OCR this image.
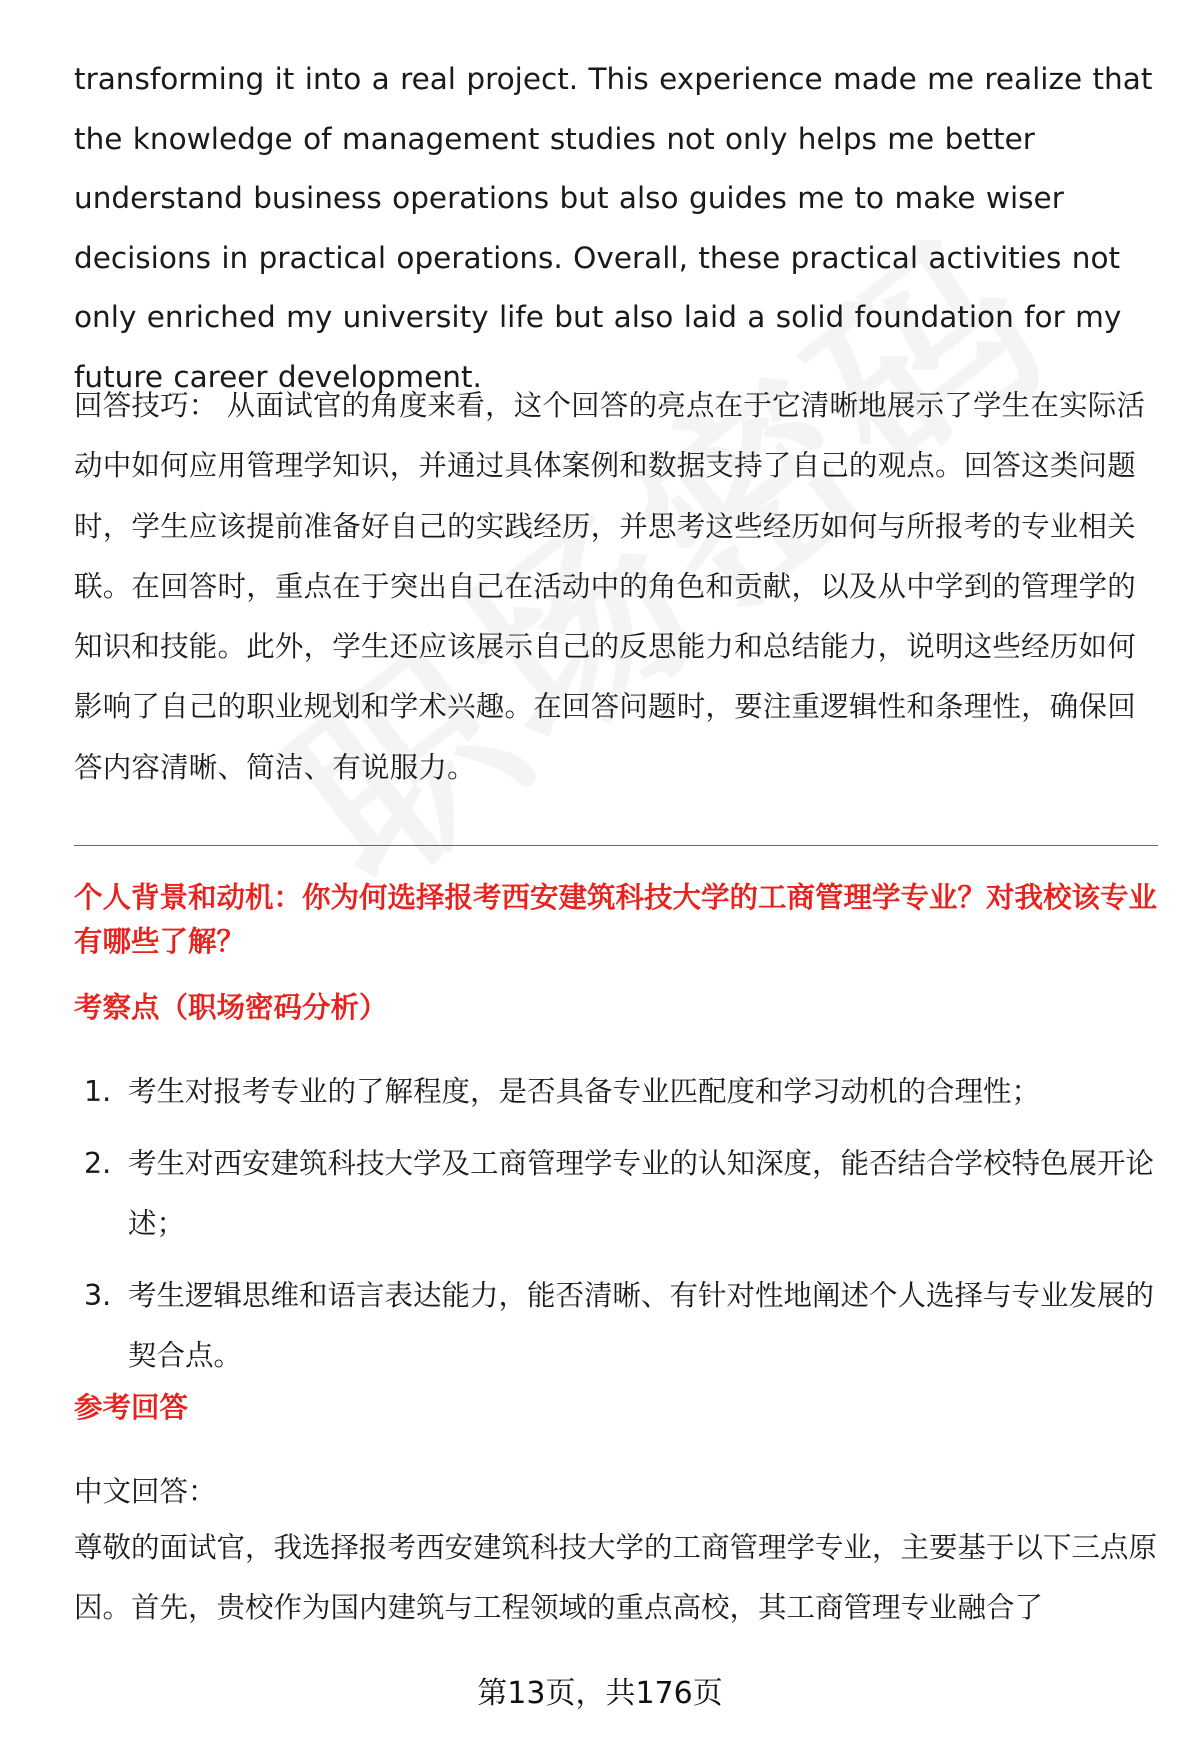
transforming it into a real project. This experience made me realize that the knowledge of management studies not only helps me better understand business operations but also guides me to make wiser decisions in practical operations. Overall, these practical activities not only enriched my university life but also laid a solid foundation for my future career development.

回答技巧： 从面试官的角度来看，这个回答的亮点在于它清晰地展示了学生在实际活动中如何应用管理学知识，并通过具体案例和数据支持了自己的观点。回答这类问题时，学生应该提前准备好自己的实践经历，并思考这些经历如何与所报考的专业相关联。在回答时，重点在于突出自己在活动中的角色和贡献，以及从中学到的管理学的知识和技能。此外，学生还应该展示自己的反思能力和总结能力，说明这些经历如何影响了自己的职业规划和学术兴趣。在回答问题时，要注重逻辑性和条理性，确保回答内容清晰、简洁、有说服力。

个人背景和动机：你为何选择报考西安建筑科技大学的工商管理学专业？对我校该专业有哪些了解？

考察点（职场密码分析）

1. 考生对报考专业的了解程度，是否具备专业匹配度和学习动机的合理性；
2. 考生对西安建筑科技大学及工商管理学专业的认知深度，能否结合学校特色展开论述；
3. 考生逻辑思维和语言表达能力，能否清晰、有针对性地阐述个人选择与专业发展的契合点。

参考回答

中文回答：

尊敬的面试官，我选择报考西安建筑科技大学的工商管理学专业，主要基于以下三点原因。首先，贵校作为国内建筑与工程领域的重点高校，其工商管理专业融合了

第13页，共176页
